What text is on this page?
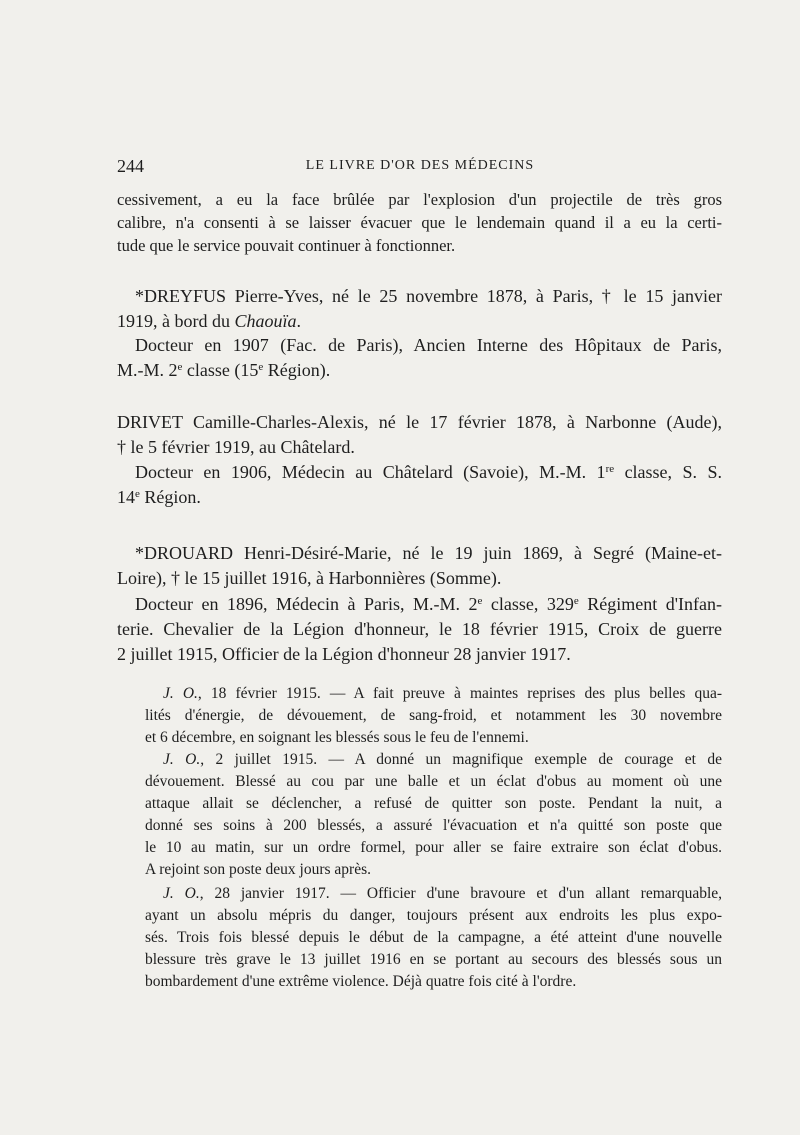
244	LE LIVRE D'OR DES MÉDECINS
cessivement, a eu la face brûlée par l'explosion d'un projectile de très gros
calibre, n'a consenti à se laisser évacuer que le lendemain quand il a eu la certi-
tude que le service pouvait continuer à fonctionner.
*DREYFUS Pierre-Yves, né le 25 novembre 1878, à Paris, † le 15 janvier
1919, à bord du Chaouïa.
Docteur en 1907 (Fac. de Paris), Ancien Interne des Hôpitaux de Paris,
M.-M. 2e classe (15e Région).
DRIVET Camille-Charles-Alexis, né le 17 février 1878, à Narbonne (Aude),
† le 5 février 1919, au Châtelard.
Docteur en 1906, Médecin au Châtelard (Savoie), M.-M. 1re classe, S. S.
14e Région.
*DROUARD Henri-Désiré-Marie, né le 19 juin 1869, à Segré (Maine-et-
Loire), † le 15 juillet 1916, à Harbonnières (Somme).
Docteur en 1896, Médecin à Paris, M.-M. 2e classe, 329e Régiment d'Infan-
terie. Chevalier de la Légion d'honneur, le 18 février 1915, Croix de guerre
2 juillet 1915, Officier de la Légion d'honneur 28 janvier 1917.
J. O., 18 février 1915. — A fait preuve à maintes reprises des plus belles qua-
lités d'énergie, de dévouement, de sang-froid, et notamment les 30 novembre
et 6 décembre, en soignant les blessés sous le feu de l'ennemi.
J. O., 2 juillet 1915. — A donné un magnifique exemple de courage et de
dévouement. Blessé au cou par une balle et un éclat d'obus au moment où une
attaque allait se déclencher, a refusé de quitter son poste. Pendant la nuit, a
donné ses soins à 200 blessés, a assuré l'évacuation et n'a quitté son poste que
le 10 au matin, sur un ordre formel, pour aller se faire extraire son éclat d'obus.
A rejoint son poste deux jours après.
J. O., 28 janvier 1917. — Officier d'une bravoure et d'un allant remarquable,
ayant un absolu mépris du danger, toujours présent aux endroits les plus expo-
sés. Trois fois blessé depuis le début de la campagne, a été atteint d'une nouvelle
blessure très grave le 13 juillet 1916 en se portant au secours des blessés sous un
bombardement d'une extrême violence. Déjà quatre fois cité à l'ordre.
